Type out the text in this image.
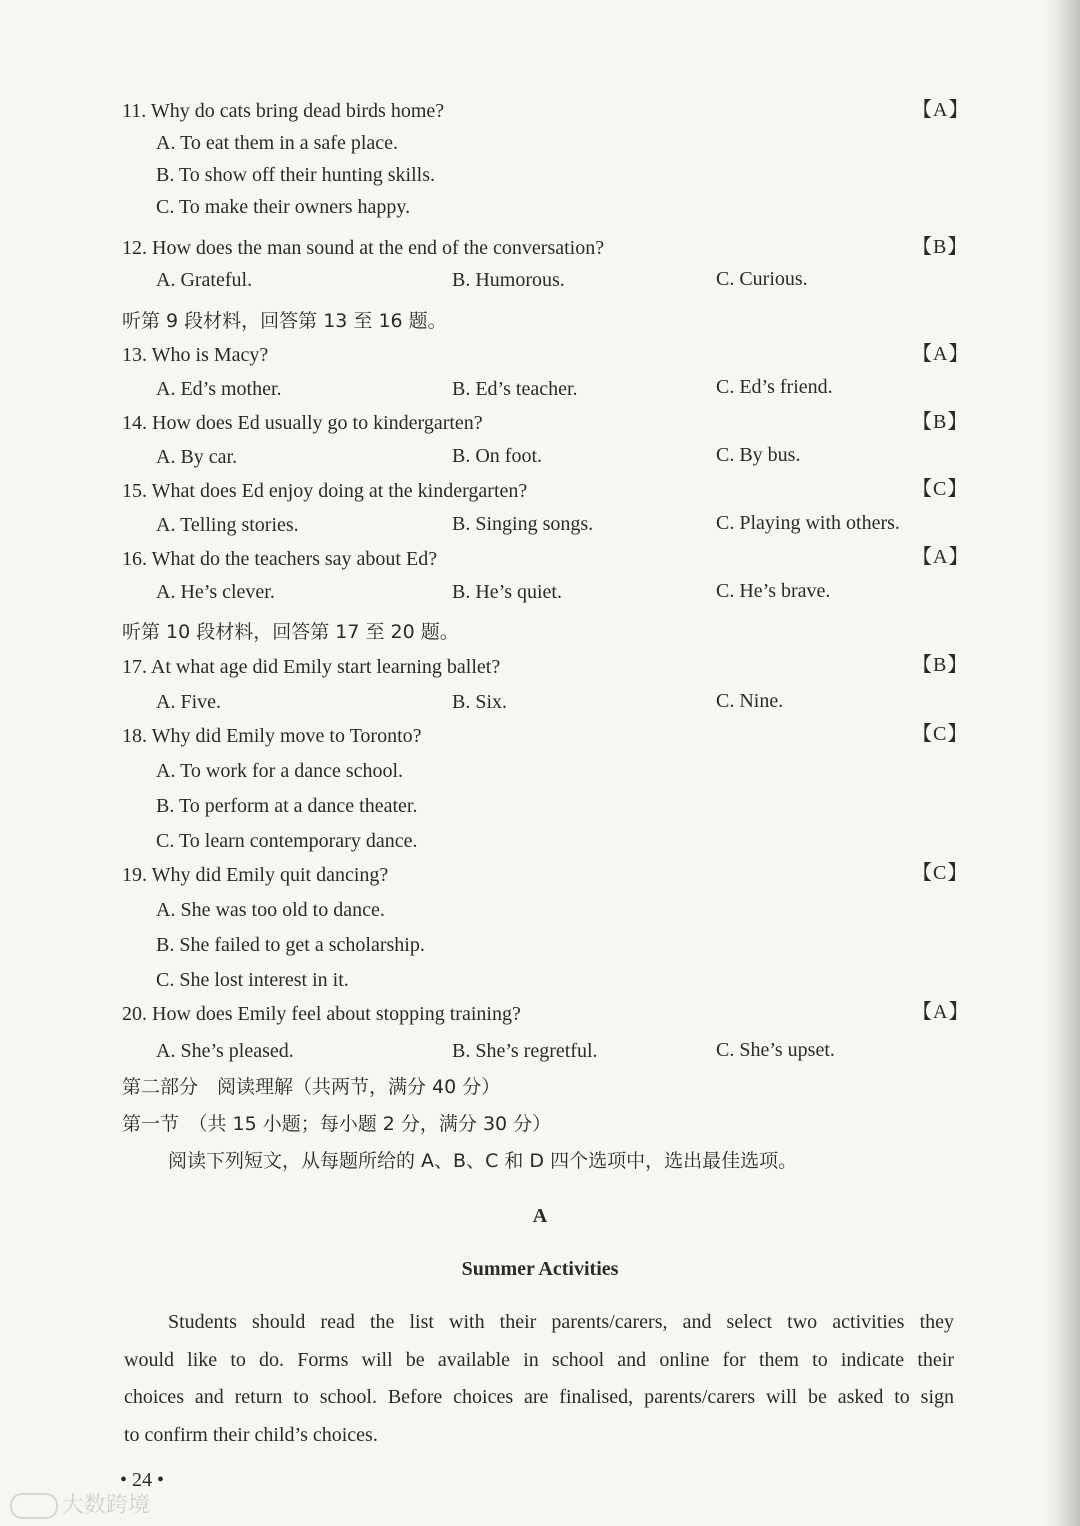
11. Why do cats bring dead birds home?	【A】
A. To eat them in a safe place.
B. To show off their hunting skills.
C. To make their owners happy.
12. How does the man sound at the end of the conversation?	【B】
A. Grateful.	B. Humorous.	C. Curious.
听第 9 段材料，回答第 13 至 16 题。
13. Who is Macy?	【A】
A. Ed’s mother.	B. Ed’s teacher.	C. Ed’s friend.
14. How does Ed usually go to kindergarten?	【B】
A. By car.	B. On foot.	C. By bus.
15. What does Ed enjoy doing at the kindergarten?	【C】
A. Telling stories.	B. Singing songs.	C. Playing with others.
16. What do the teachers say about Ed?	【A】
A. He’s clever.	B. He’s quiet.	C. He’s brave.
听第 10 段材料，回答第 17 至 20 题。
17. At what age did Emily start learning ballet?	【B】
A. Five.	B. Six.	C. Nine.
18. Why did Emily move to Toronto?	【C】
A. To work for a dance school.
B. To perform at a dance theater.
C. To learn contemporary dance.
19. Why did Emily quit dancing?	【C】
A. She was too old to dance.
B. She failed to get a scholarship.
C. She lost interest in it.
20. How does Emily feel about stopping training?	【A】
A. She’s pleased.	B. She’s regretful.	C. She’s upset.
第二部分　阅读理解（共两节，满分 40 分）
第一节　（共 15 小题；每小题 2 分，满分 30 分）
阅读下列短文，从每题所给的 A、B、C 和 D 四个选项中，选出最佳选项。
A
Summer Activities
Students should read the list with their parents/carers, and select two activities they
would like to do. Forms will be available in school and online for them to indicate their
choices and return to school. Before choices are finalised, parents/carers will be asked to sign
to confirm their child’s choices.
• 24 •
大数跨境
